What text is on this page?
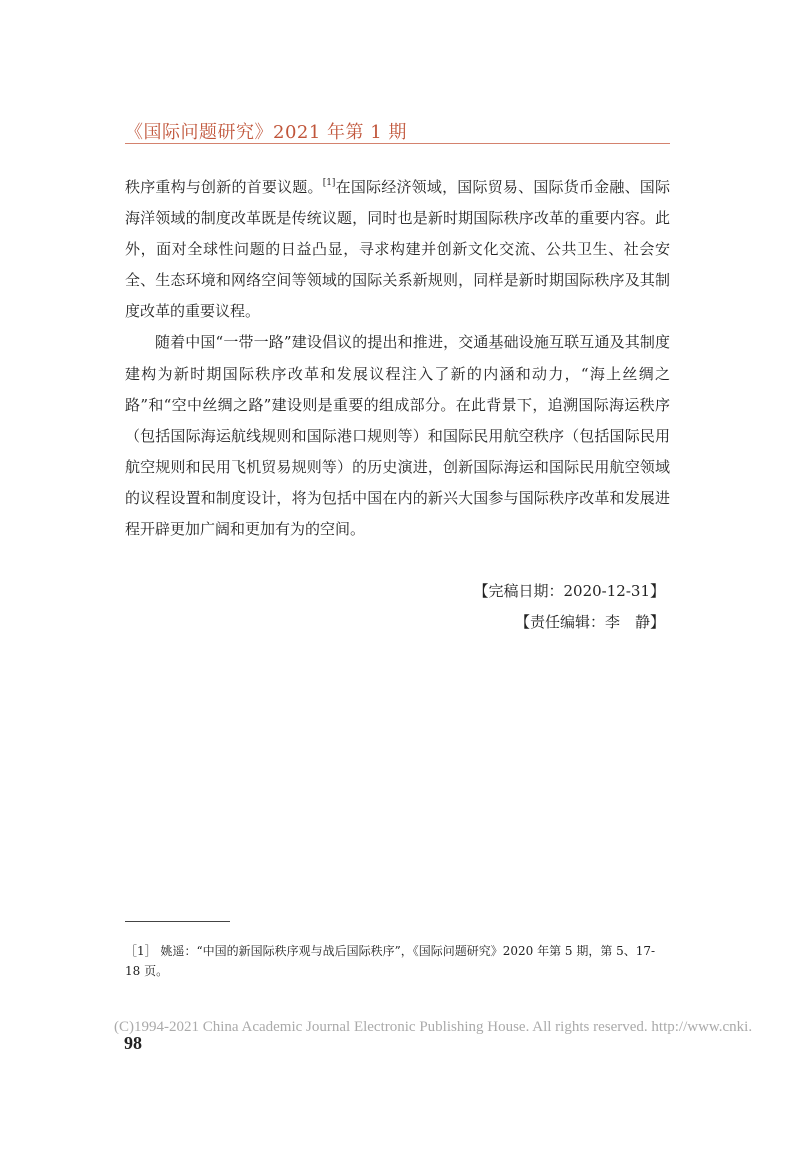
《国际问题研究》2021 年第 1 期

秩序重构与创新的首要议题。[1]在国际经济领域，国际贸易、国际货币金融、国际海洋领域的制度改革既是传统议题，同时也是新时期国际秩序改革的重要内容。此外，面对全球性问题的日益凸显，寻求构建并创新文化交流、公共卫生、社会安全、生态环境和网络空间等领域的国际关系新规则，同样是新时期国际秩序及其制度改革的重要议程。

随着中国“一带一路”建设倡议的提出和推进，交通基础设施互联互通及其制度建构为新时期国际秩序改革和发展议程注入了新的内涵和动力，“海上丝绸之路”和“空中丝绸之路”建设则是重要的组成部分。在此背景下，追溯国际海运秩序（包括国际海运航线规则和国际港口规则等）和国际民用航空秩序（包括国际民用航空规则和民用飞机贸易规则等）的历史演进，创新国际海运和国际民用航空领域的议程设置和制度设计，将为包括中国在内的新兴大国参与国际秩序改革和发展进程开辟更加广阔和更加有为的空间。

【完稿日期：2020-12-31】
【责任编辑：李　静】
［1］ 姚遥：“中国的新国际秩序观与战后国际秩序”，《国际问题研究》2020 年第 5 期，第 5、17-18 页。
(C)1994-2021 China Academic Journal Electronic Publishing House. All rights reserved. http://www.cnki.
98
